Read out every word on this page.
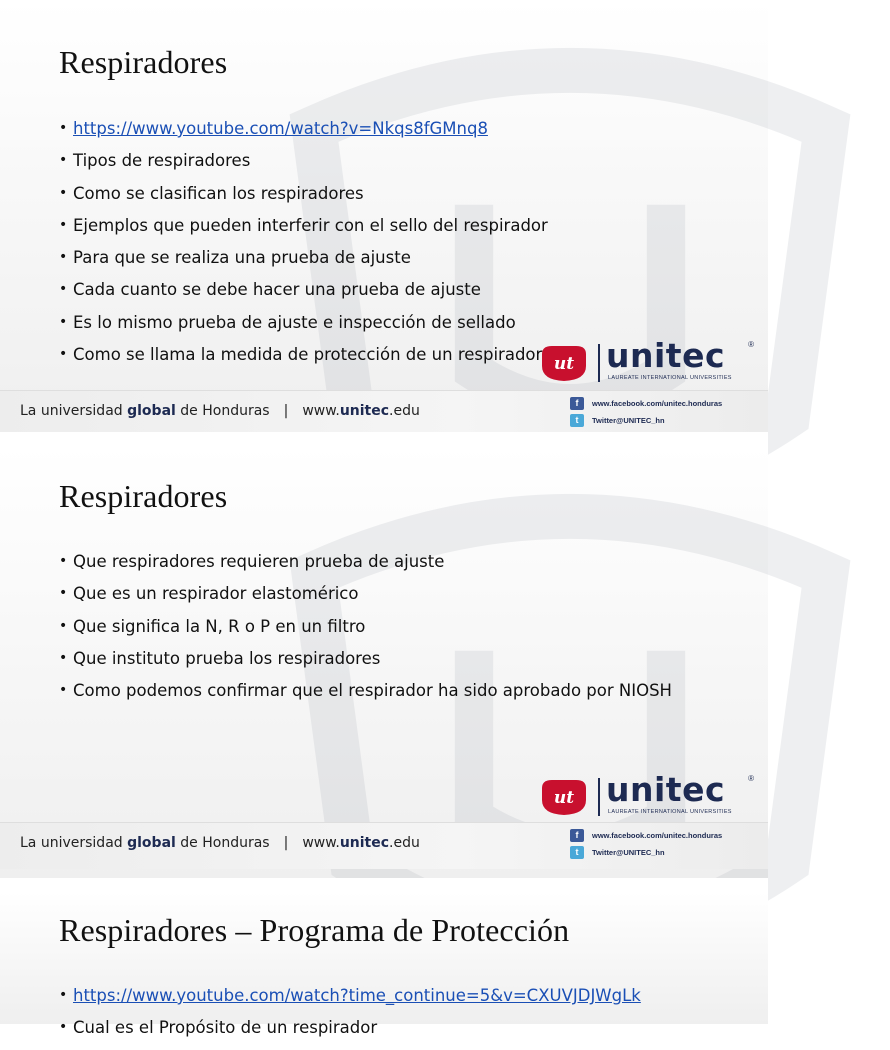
Respiradores
• https://www.youtube.com/watch?v=Nkqs8fGMnq8
• Tipos de respiradores
• Como se clasifican los respiradores
• Ejemplos que pueden interferir con el sello del respirador
• Para que se realiza una prueba de ajuste
• Cada cuanto se debe hacer una prueba de ajuste
• Es lo mismo prueba de ajuste e inspección de sellado
• Como se llama la medida de protección de un respirador ut unitec	®
LAUREATE INTERNATIONAL UNIVERSITIES
La universidad global de Honduras | www.unitec.edu	f	www.facebook.com/unitec.honduras
t	Twitter@UNITEC_hn
Respiradores
• Que respiradores requieren prueba de ajuste
• Que es un respirador elastomérico
• Que significa la N, R o P en un filtro
• Que instituto prueba los respiradores
• Como podemos confirmar que el respirador ha sido aprobado por NIOSH
ut unitec	®
LAUREATE INTERNATIONAL UNIVERSITIES
La universidad global de Honduras | www.unitec.edu	f	www.facebook.com/unitec.honduras
t	Twitter@UNITEC_hn
Respiradores – Programa de Protección
• https://www.youtube.com/watch?time_continue=5&v=CXUVJDJWgLk
• Cual es el Propósito de un respirador
